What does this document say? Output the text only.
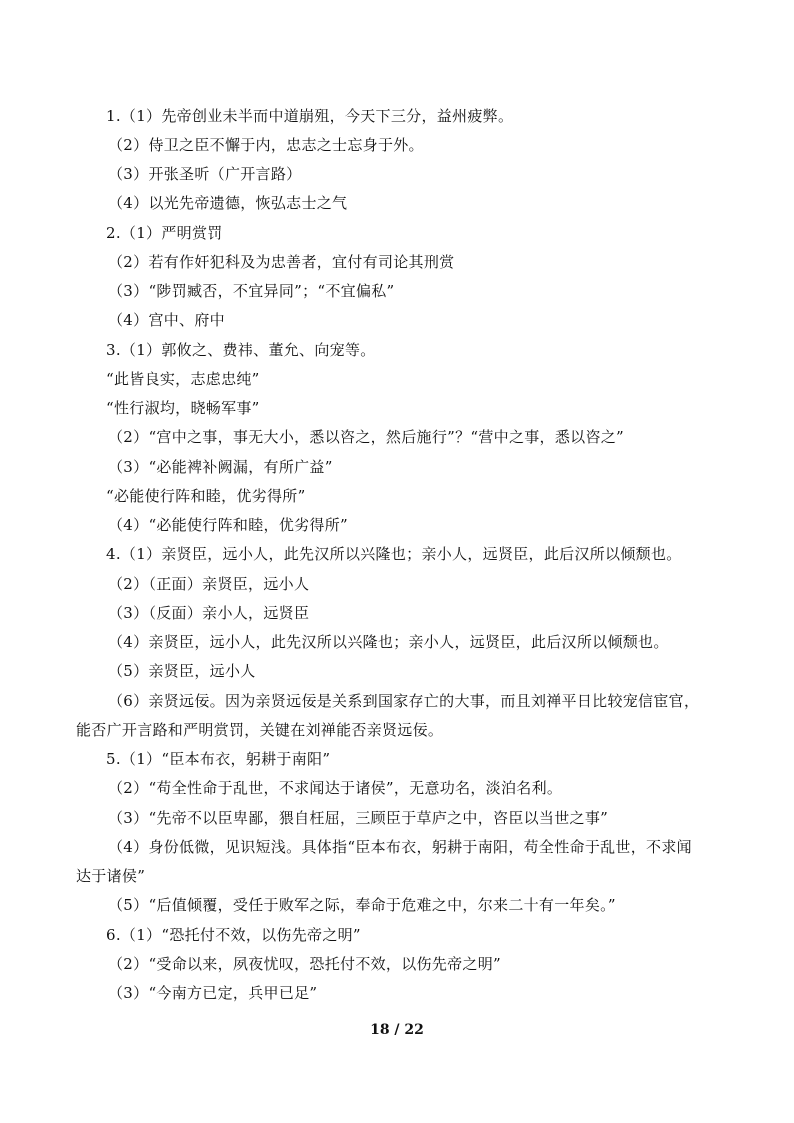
1.（1）先帝创业未半而中道崩殂，今天下三分，益州疲弊。
（2）侍卫之臣不懈于内，忠志之士忘身于外。
（3）开张圣听（广开言路）
（4）以光先帝遗德，恢弘志士之气
2.（1）严明赏罚
（2）若有作奸犯科及为忠善者，宜付有司论其刑赏
（3）“陟罚臧否，不宜异同”；“不宜偏私”
（4）宫中、府中
3.（1）郭攸之、费祎、董允、向宠等。
“此皆良实，志虑忠纯”
“性行淑均，晓畅军事”
（2）“宫中之事，事无大小，悉以咨之，然后施行”？“营中之事，悉以咨之”
（3）“必能裨补阙漏，有所广益”
“必能使行阵和睦，优劣得所”
（4）“必能使行阵和睦，优劣得所”
4.（1）亲贤臣，远小人，此先汉所以兴隆也；亲小人，远贤臣，此后汉所以倾颓也。
（2）（正面）亲贤臣，远小人
（3）（反面）亲小人，远贤臣
（4）亲贤臣，远小人，此先汉所以兴隆也；亲小人，远贤臣，此后汉所以倾颓也。
（5）亲贤臣，远小人
（6）亲贤远佞。因为亲贤远佞是关系到国家存亡的大事，而且刘禅平日比较宠信宦官，
能否广开言路和严明赏罚，关键在刘禅能否亲贤远佞。
5.（1）“臣本布衣，躬耕于南阳”
（2）“苟全性命于乱世，不求闻达于诸侯”，无意功名，淡泊名利。
（3）“先帝不以臣卑鄙，猥自枉屈，三顾臣于草庐之中，咨臣以当世之事”
（4）身份低微，见识短浅。具体指“臣本布衣，躬耕于南阳，苟全性命于乱世，不求闻
达于诸侯”
（5）“后值倾覆，受任于败军之际，奉命于危难之中，尔来二十有一年矣。”
6.（1）“恐托付不效，以伤先帝之明”
（2）“受命以来，夙夜忧叹，恐托付不效，以伤先帝之明”
（3）“今南方已定，兵甲已足”
18 / 22
